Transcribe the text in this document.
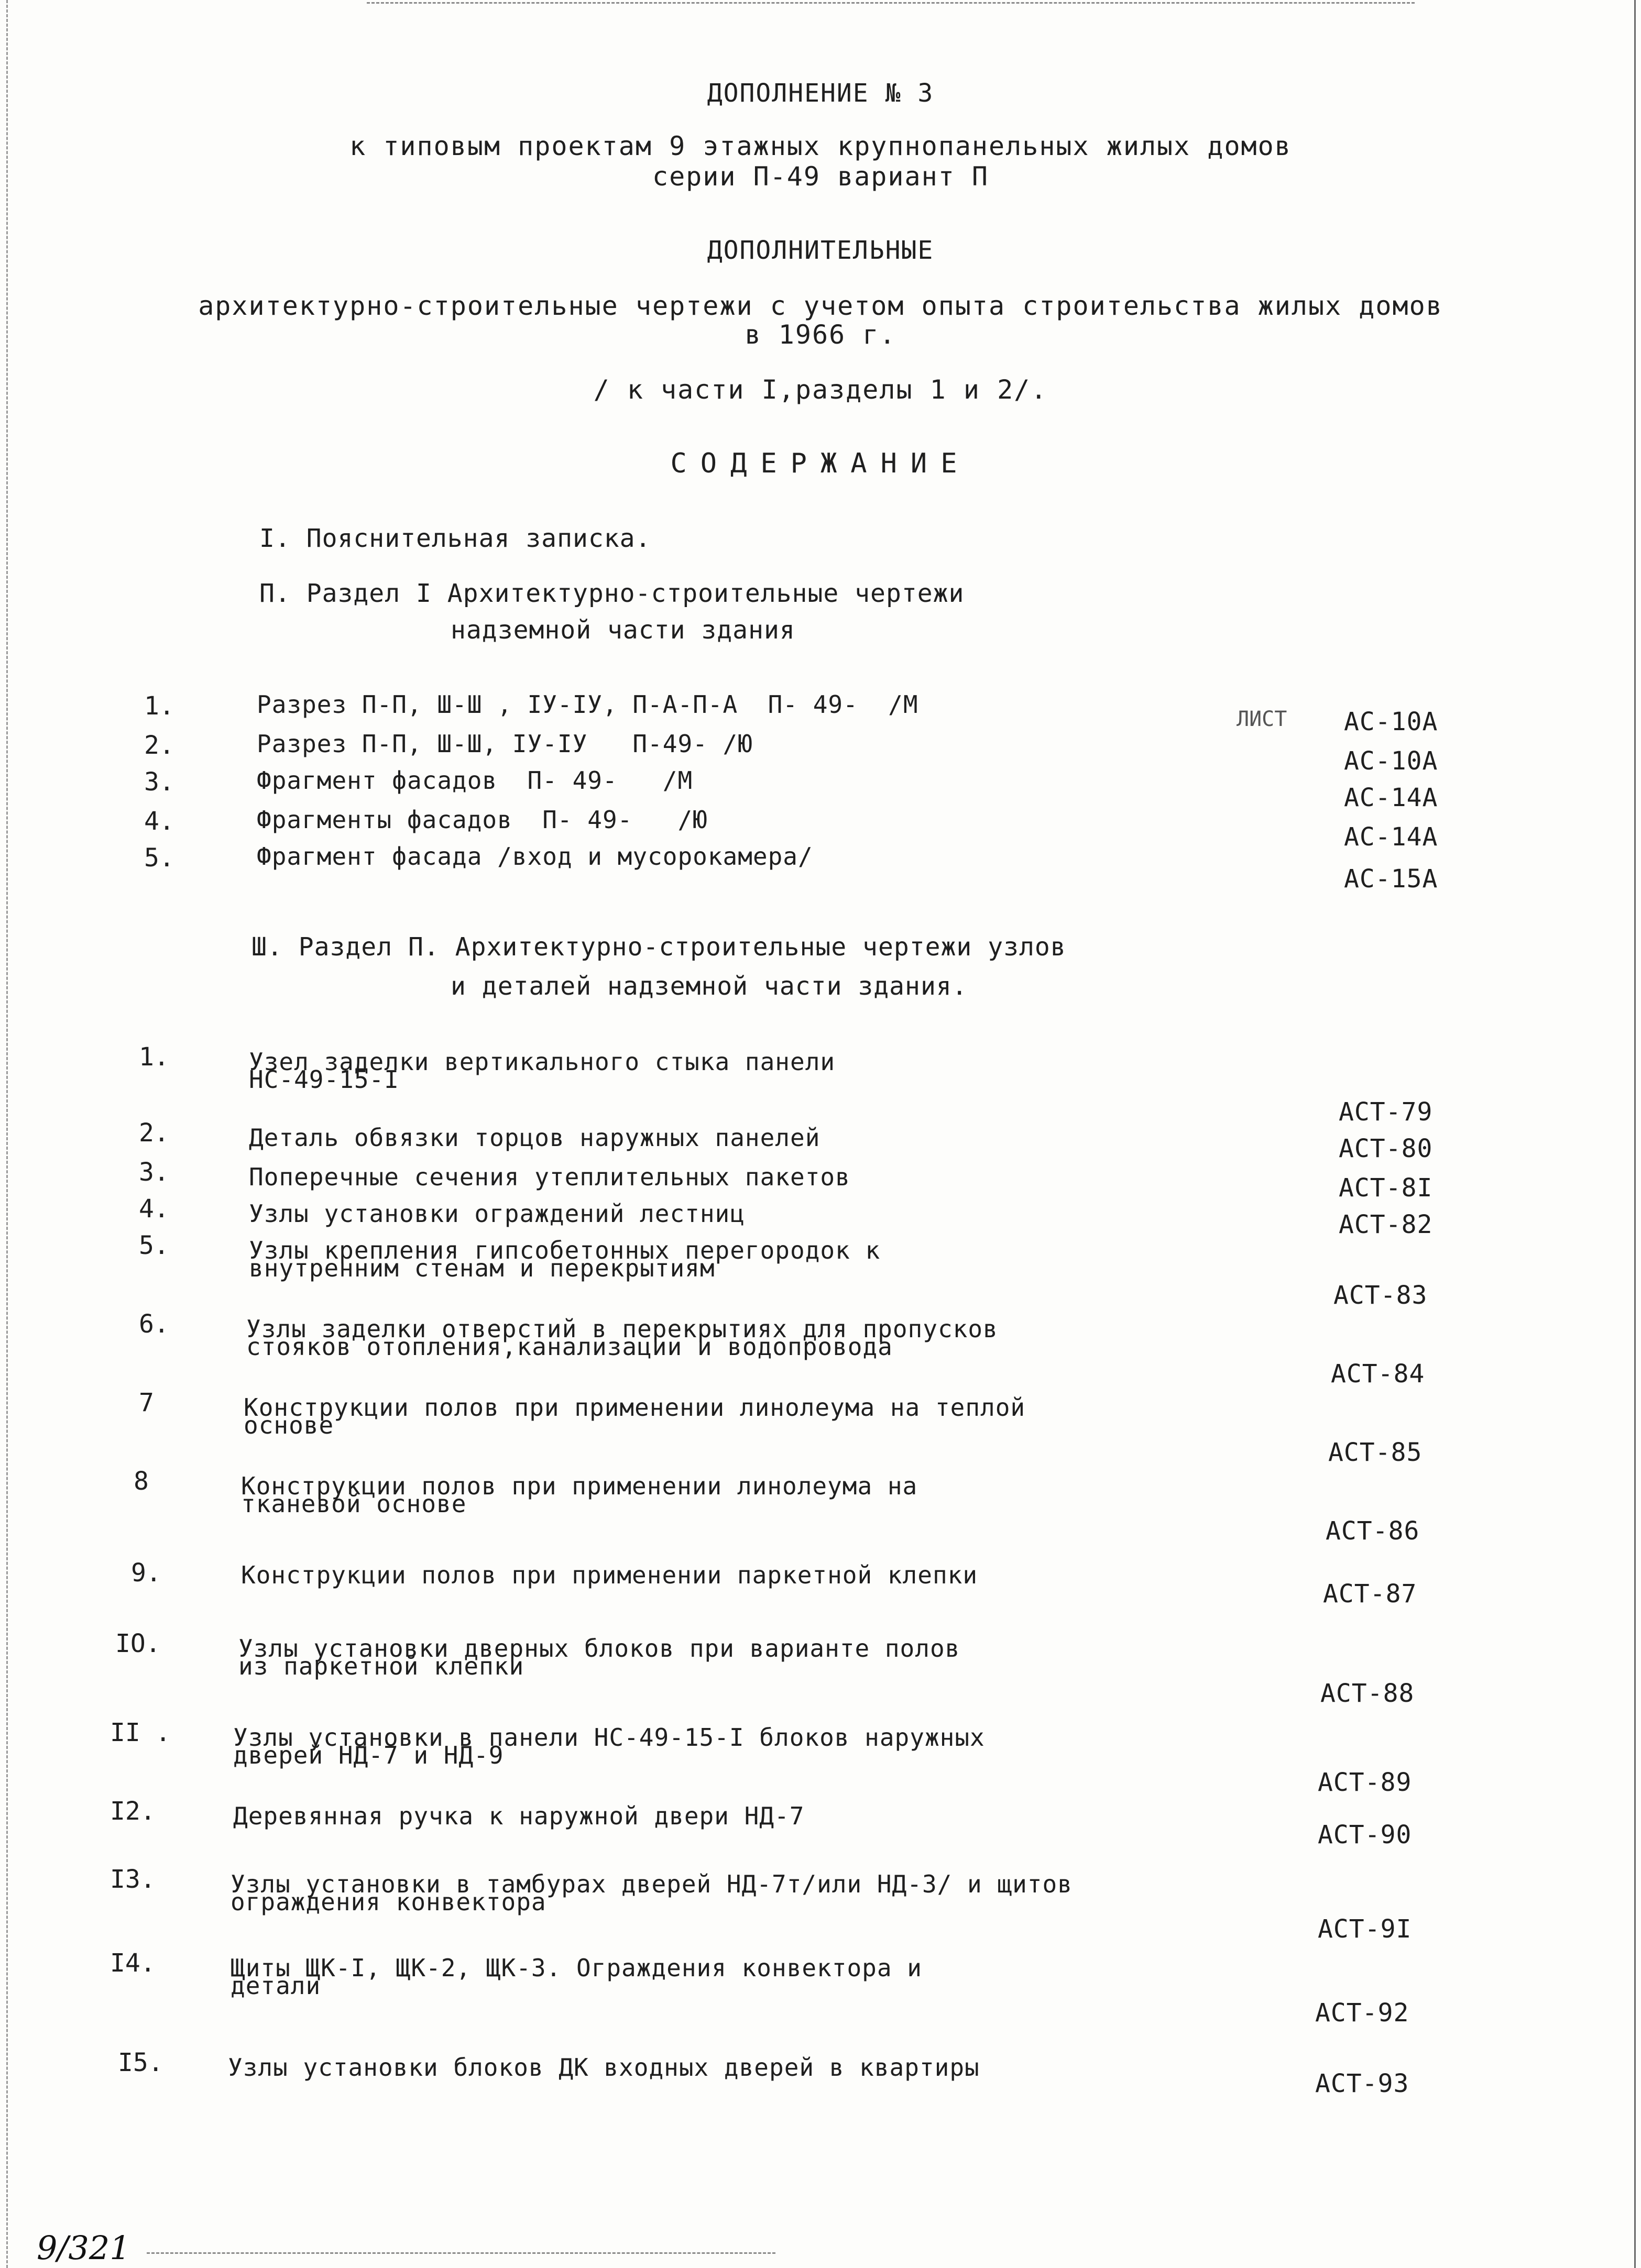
ДОПОЛНЕНИЕ № 3
к типовым проектам 9 этажных крупнопанельных жилых домов
серии П-49 вариант П
ДОПОЛНИТЕЛЬНЫЕ
архитектурно-строительные чертежи с учетом опыта строительства жилых домов
в 1966 г.
/ к части I,разделы 1 и 2/.
СОДЕРЖАНИЕ
I. Пояснительная записка.
П. Раздел I Архитектурно-строительные чертежи
надземной части здания
ЛИСТ
1.	Разрез П-П, Ш-Ш , IУ-IУ, П-А-П-А  П- 49-  /М
АС-10А
2.	Разрез П-П, Ш-Ш, IУ-IУ   П-49- /Ю
АС-10А
3.	Фрагмент фасадов  П- 49-   /М
АС-14А
4.	Фрагменты фасадов  П- 49-   /Ю
АС-14А
5.	Фрагмент фасада /вход и мусорокамера/
АС-15А
Ш. Раздел П. Архитектурно-строительные чертежи узлов
и деталей надземной части здания.
1.	Узел заделки вертикального стыка панели
НС-49-15-I
АСТ-79
2.	Деталь обвязки торцов наружных панелей	АСТ-80
3.	Поперечные сечения утеплительных пакетов	АСТ-8I
4.	Узлы установки ограждений лестниц	АСТ-82
5.	Узлы крепления гипсобетонных перегородок к
внутренним стенам и перекрытиям
АСТ-83
6.	Узлы заделки отверстий в перекрытиях для пропусков
стояков отопления,канализации и водопровода
АСТ-84
7	Конструкции полов при применении линолеума на теплой
основе
АСТ-85
8	Конструкции полов при применении линолеума на
тканевой основе
АСТ-86
9.	Конструкции полов при применении паркетной клепки
АСТ-87
IO.	Узлы установки дверных блоков при варианте полов
из паркетной клепки
АСТ-88
II .	Узлы установки в панели НС-49-15-I блоков наружных
дверей НД-7 и НД-9
АСТ-89
I2.	Деревянная ручка к наружной двери НД-7
АСТ-90
I3.	Узлы установки в тамбурах дверей НД-7т/или НД-3/ и щитов
ограждения конвектора
АСТ-9I
I4.	Щиты ЩК-I, ЩК-2, ЩК-3. Ограждения конвектора и
детали
АСТ-92
I5.	Узлы установки блоков ДК входных дверей в квартиры
АСТ-93
9/321
